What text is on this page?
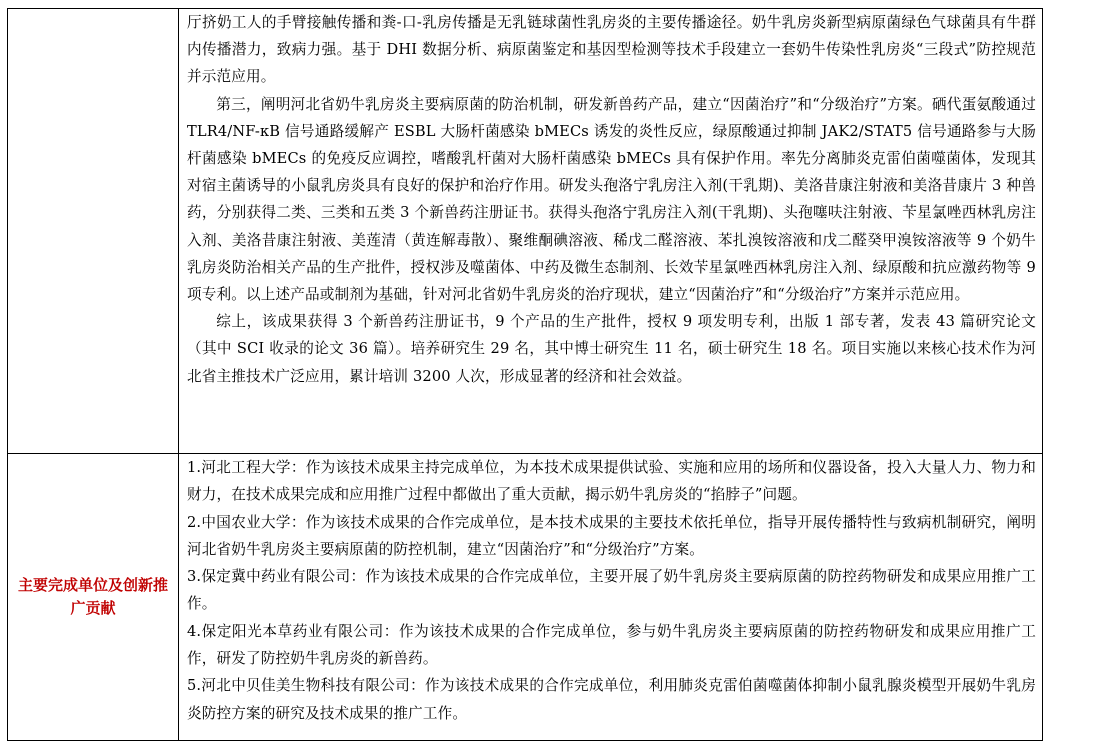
	厅挤奶工人的手臂接触传播和粪-口-乳房传播是无乳链球菌性乳房炎的主要传播途径。奶牛乳房炎新型病原菌绿色气球菌具有牛群内传播潜力，致病力强。基于 DHI 数据分析、病原菌鉴定和基因型检测等技术手段建立一套奶牛传染性乳房炎“三段式”防控规范并示范应用。

第三，阐明河北省奶牛乳房炎主要病原菌的防治机制，研发新兽药产品，建立“因菌治疗”和“分级治疗”方案。硒代蛋氨酸通过 TLR4/NF-κB 信号通路缓解产 ESBL 大肠杆菌感染 bMECs 诱发的炎性反应，绿原酸通过抑制 JAK2/STAT5 信号通路参与大肠杆菌感染 bMECs 的免疫反应调控，嗜酸乳杆菌对大肠杆菌感染 bMECs 具有保护作用。率先分离肺炎克雷伯菌噬菌体，发现其对宿主菌诱导的小鼠乳房炎具有良好的保护和治疗作用。研发头孢洛宁乳房注入剂(干乳期)、美洛昔康注射液和美洛昔康片 3 种兽药，分别获得二类、三类和五类 3 个新兽药注册证书。获得头孢洛宁乳房注入剂(干乳期)、头孢噻呋注射液、苄星氯唑西林乳房注入剂、美洛昔康注射液、美莲清（黄连解毒散）、聚维酮碘溶液、稀戊二醛溶液、苯扎溴铵溶液和戊二醛癸甲溴铵溶液等 9 个奶牛乳房炎防治相关产品的生产批件，授权涉及噬菌体、中药及微生态制剂、长效苄星氯唑西林乳房注入剂、绿原酸和抗应激药物等 9 项专利。以上述产品或制剂为基础，针对河北省奶牛乳房炎的治疗现状，建立“因菌治疗”和“分级治疗”方案并示范应用。

综上，该成果获得 3 个新兽药注册证书，9 个产品的生产批件，授权 9 项发明专利，出版 1 部专著，发表 43 篇研究论文（其中 SCI 收录的论文 36 篇）。培养研究生 29 名，其中博士研究生 11 名，硕士研究生 18 名。项目实施以来核心技术作为河北省主推技术广泛应用，累计培训 3200 人次，形成显著的经济和社会效益。

主要完成单位及创新推广贡献	1.河北工程大学：作为该技术成果主持完成单位，为本技术成果提供试验、实施和应用的场所和仪器设备，投入大量人力、物力和财力，在技术成果完成和应用推广过程中都做出了重大贡献，揭示奶牛乳房炎的“掐脖子”问题。

2.中国农业大学：作为该技术成果的合作完成单位，是本技术成果的主要技术依托单位，指导开展传播特性与致病机制研究，阐明河北省奶牛乳房炎主要病原菌的防控机制，建立“因菌治疗”和“分级治疗”方案。

3.保定冀中药业有限公司：作为该技术成果的合作完成单位，主要开展了奶牛乳房炎主要病原菌的防控药物研发和成果应用推广工作。

4.保定阳光本草药业有限公司：作为该技术成果的合作完成单位，参与奶牛乳房炎主要病原菌的防控药物研发和成果应用推广工作，研发了防控奶牛乳房炎的新兽药。

5.河北中贝佳美生物科技有限公司：作为该技术成果的合作完成单位，利用肺炎克雷伯菌噬菌体抑制小鼠乳腺炎模型开展奶牛乳房炎防控方案的研究及技术成果的推广工作。
